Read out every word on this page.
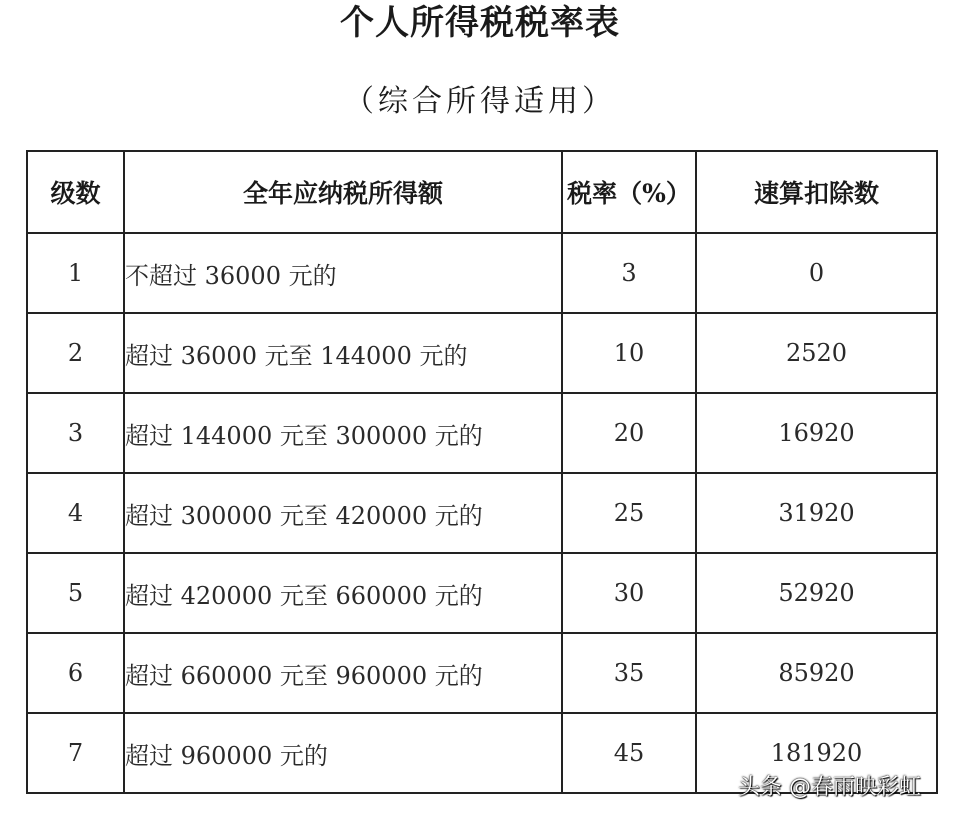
个人所得税税率表
（综合所得适用）
级数	全年应纳税所得额	税率（%）	速算扣除数
1	不超过 36000 元的	3	0
2	超过 36000 元至 144000 元的	10	2520
3	超过 144000 元至 300000 元的	20	16920
4	超过 300000 元至 420000 元的	25	31920
5	超过 420000 元至 660000 元的	30	52920
6	超过 660000 元至 960000 元的	35	85920
7	超过 960000 元的	45	181920
头条 @春雨映彩虹
